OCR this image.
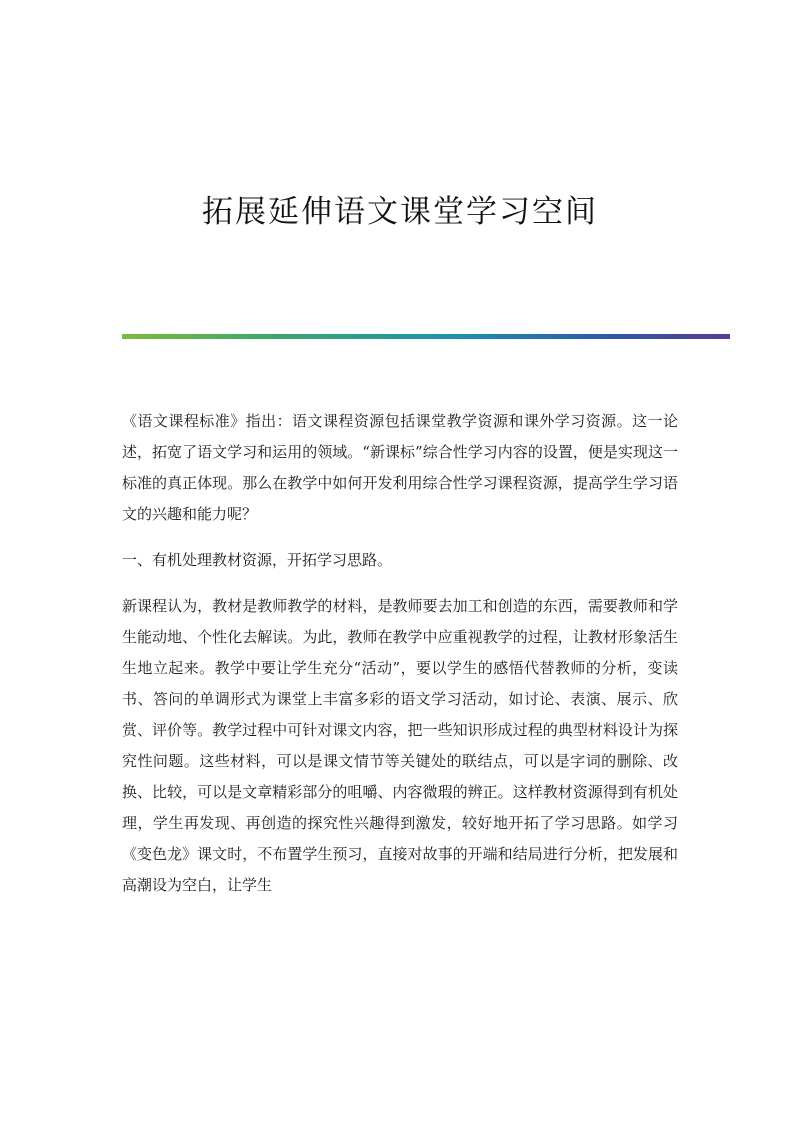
拓展延伸语文课堂学习空间

《语文课程标准》指出：语文课程资源包括课堂教学资源和课外学习资源。这一论述，拓宽了语文学习和运用的领域。“新课标”综合性学习内容的设置，便是实现这一标准的真正体现。那么在教学中如何开发利用综合性学习课程资源，提高学生学习语文的兴趣和能力呢？

一、有机处理教材资源，开拓学习思路。

新课程认为，教材是教师教学的材料，是教师要去加工和创造的东西，需要教师和学生能动地、个性化去解读。为此，教师在教学中应重视教学的过程，让教材形象活生生地立起来。教学中要让学生充分“活动”，要以学生的感悟代替教师的分析，变读书、答问的单调形式为课堂上丰富多彩的语文学习活动，如讨论、表演、展示、欣赏、评价等。教学过程中可针对课文内容，把一些知识形成过程的典型材料设计为探究性问题。这些材料，可以是课文情节等关键处的联结点，可以是字词的删除、改换、比较，可以是文章精彩部分的咀嚼、内容微瑕的辨正。这样教材资源得到有机处理，学生再发现、再创造的探究性兴趣得到激发，较好地开拓了学习思路。如学习《变色龙》课文时，不布置学生预习，直接对故事的开端和结局进行分析，把发展和高潮设为空白，让学生
